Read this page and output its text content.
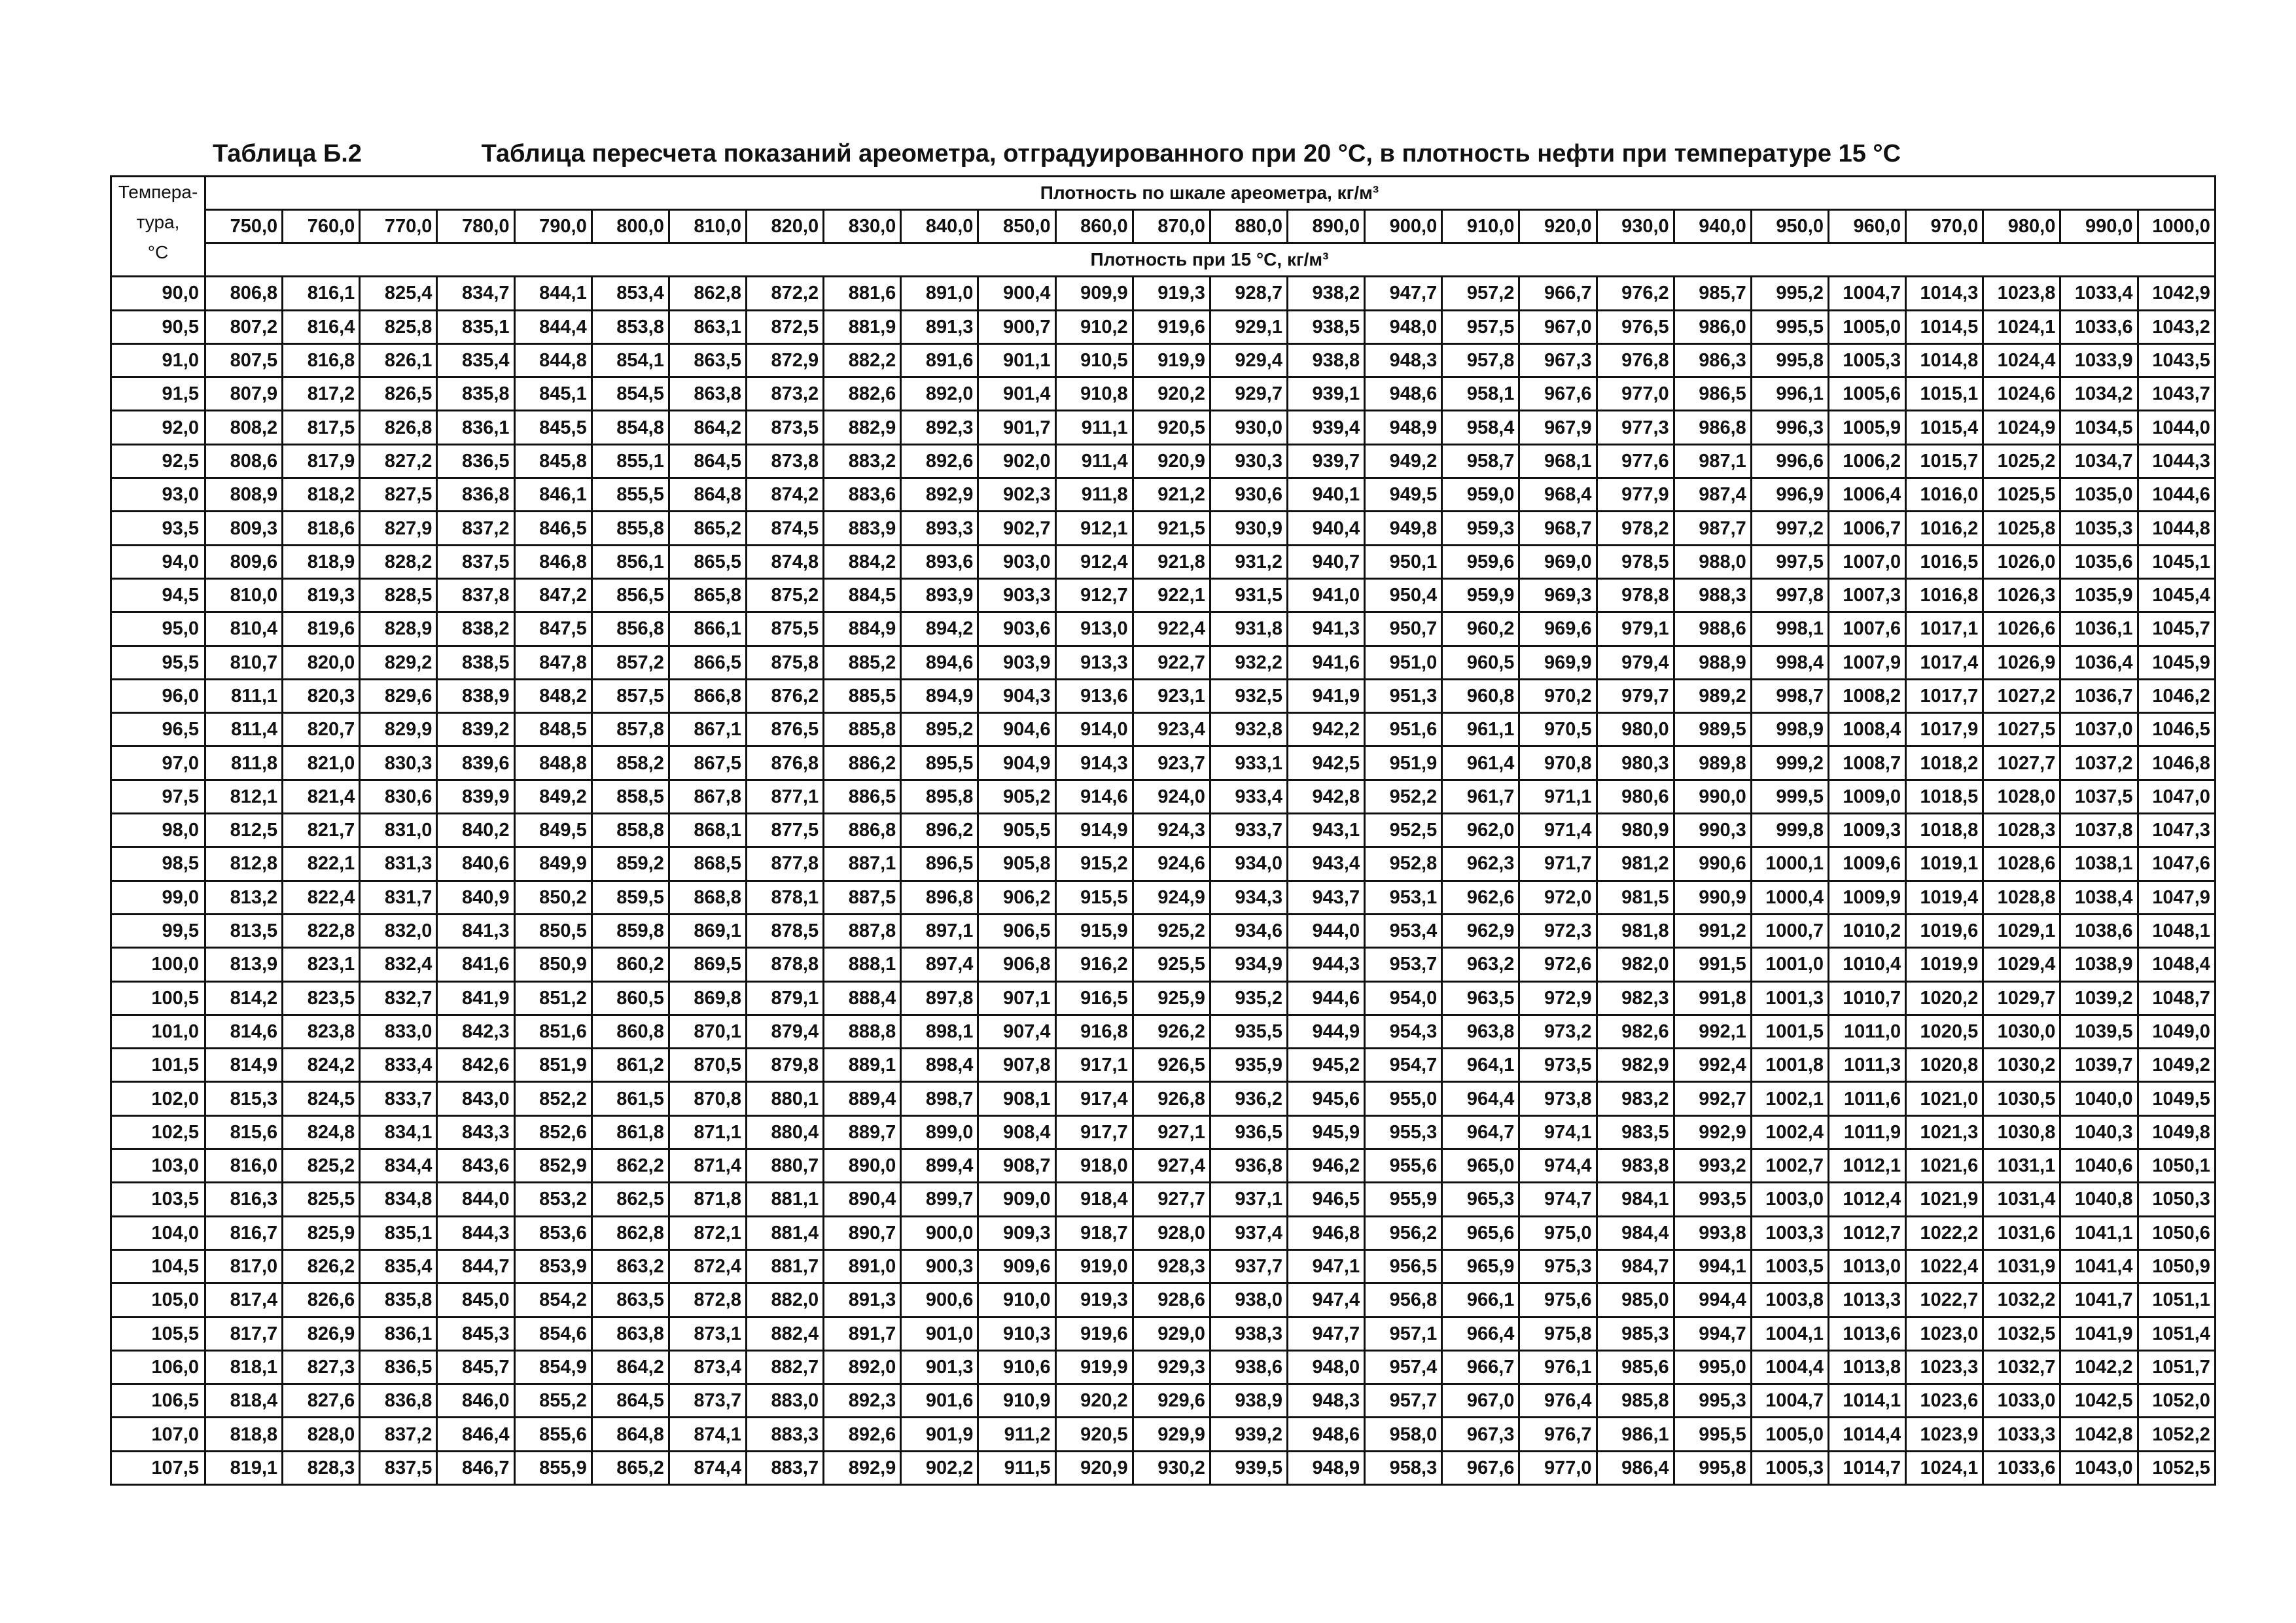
Таблица Б.2	Таблица пересчета показаний ареометра, отградуированного при 20 °С, в плотность нефти при температуре 15 °С
Темпера-
тура,
°С	Плотность по шкале ареометра, кг/м³																									
	750,0	760,0	770,0	780,0	790,0	800,0	810,0	820,0	830,0	840,0	850,0	860,0	870,0	880,0	890,0	900,0	910,0	920,0	930,0	940,0	950,0	960,0	970,0	980,0	990,0	1000,0
	Плотность при 15 °С, кг/м³																									
90,0	806,8	816,1	825,4	834,7	844,1	853,4	862,8	872,2	881,6	891,0	900,4	909,9	919,3	928,7	938,2	947,7	957,2	966,7	976,2	985,7	995,2	1004,7	1014,3	1023,8	1033,4	1042,9
90,5	807,2	816,4	825,8	835,1	844,4	853,8	863,1	872,5	881,9	891,3	900,7	910,2	919,6	929,1	938,5	948,0	957,5	967,0	976,5	986,0	995,5	1005,0	1014,5	1024,1	1033,6	1043,2
91,0	807,5	816,8	826,1	835,4	844,8	854,1	863,5	872,9	882,2	891,6	901,1	910,5	919,9	929,4	938,8	948,3	957,8	967,3	976,8	986,3	995,8	1005,3	1014,8	1024,4	1033,9	1043,5
91,5	807,9	817,2	826,5	835,8	845,1	854,5	863,8	873,2	882,6	892,0	901,4	910,8	920,2	929,7	939,1	948,6	958,1	967,6	977,0	986,5	996,1	1005,6	1015,1	1024,6	1034,2	1043,7
92,0	808,2	817,5	826,8	836,1	845,5	854,8	864,2	873,5	882,9	892,3	901,7	911,1	920,5	930,0	939,4	948,9	958,4	967,9	977,3	986,8	996,3	1005,9	1015,4	1024,9	1034,5	1044,0
92,5	808,6	817,9	827,2	836,5	845,8	855,1	864,5	873,8	883,2	892,6	902,0	911,4	920,9	930,3	939,7	949,2	958,7	968,1	977,6	987,1	996,6	1006,2	1015,7	1025,2	1034,7	1044,3
93,0	808,9	818,2	827,5	836,8	846,1	855,5	864,8	874,2	883,6	892,9	902,3	911,8	921,2	930,6	940,1	949,5	959,0	968,4	977,9	987,4	996,9	1006,4	1016,0	1025,5	1035,0	1044,6
93,5	809,3	818,6	827,9	837,2	846,5	855,8	865,2	874,5	883,9	893,3	902,7	912,1	921,5	930,9	940,4	949,8	959,3	968,7	978,2	987,7	997,2	1006,7	1016,2	1025,8	1035,3	1044,8
94,0	809,6	818,9	828,2	837,5	846,8	856,1	865,5	874,8	884,2	893,6	903,0	912,4	921,8	931,2	940,7	950,1	959,6	969,0	978,5	988,0	997,5	1007,0	1016,5	1026,0	1035,6	1045,1
94,5	810,0	819,3	828,5	837,8	847,2	856,5	865,8	875,2	884,5	893,9	903,3	912,7	922,1	931,5	941,0	950,4	959,9	969,3	978,8	988,3	997,8	1007,3	1016,8	1026,3	1035,9	1045,4
95,0	810,4	819,6	828,9	838,2	847,5	856,8	866,1	875,5	884,9	894,2	903,6	913,0	922,4	931,8	941,3	950,7	960,2	969,6	979,1	988,6	998,1	1007,6	1017,1	1026,6	1036,1	1045,7
95,5	810,7	820,0	829,2	838,5	847,8	857,2	866,5	875,8	885,2	894,6	903,9	913,3	922,7	932,2	941,6	951,0	960,5	969,9	979,4	988,9	998,4	1007,9	1017,4	1026,9	1036,4	1045,9
96,0	811,1	820,3	829,6	838,9	848,2	857,5	866,8	876,2	885,5	894,9	904,3	913,6	923,1	932,5	941,9	951,3	960,8	970,2	979,7	989,2	998,7	1008,2	1017,7	1027,2	1036,7	1046,2
96,5	811,4	820,7	829,9	839,2	848,5	857,8	867,1	876,5	885,8	895,2	904,6	914,0	923,4	932,8	942,2	951,6	961,1	970,5	980,0	989,5	998,9	1008,4	1017,9	1027,5	1037,0	1046,5
97,0	811,8	821,0	830,3	839,6	848,8	858,2	867,5	876,8	886,2	895,5	904,9	914,3	923,7	933,1	942,5	951,9	961,4	970,8	980,3	989,8	999,2	1008,7	1018,2	1027,7	1037,2	1046,8
97,5	812,1	821,4	830,6	839,9	849,2	858,5	867,8	877,1	886,5	895,8	905,2	914,6	924,0	933,4	942,8	952,2	961,7	971,1	980,6	990,0	999,5	1009,0	1018,5	1028,0	1037,5	1047,0
98,0	812,5	821,7	831,0	840,2	849,5	858,8	868,1	877,5	886,8	896,2	905,5	914,9	924,3	933,7	943,1	952,5	962,0	971,4	980,9	990,3	999,8	1009,3	1018,8	1028,3	1037,8	1047,3
98,5	812,8	822,1	831,3	840,6	849,9	859,2	868,5	877,8	887,1	896,5	905,8	915,2	924,6	934,0	943,4	952,8	962,3	971,7	981,2	990,6	1000,1	1009,6	1019,1	1028,6	1038,1	1047,6
99,0	813,2	822,4	831,7	840,9	850,2	859,5	868,8	878,1	887,5	896,8	906,2	915,5	924,9	934,3	943,7	953,1	962,6	972,0	981,5	990,9	1000,4	1009,9	1019,4	1028,8	1038,4	1047,9
99,5	813,5	822,8	832,0	841,3	850,5	859,8	869,1	878,5	887,8	897,1	906,5	915,9	925,2	934,6	944,0	953,4	962,9	972,3	981,8	991,2	1000,7	1010,2	1019,6	1029,1	1038,6	1048,1
100,0	813,9	823,1	832,4	841,6	850,9	860,2	869,5	878,8	888,1	897,4	906,8	916,2	925,5	934,9	944,3	953,7	963,2	972,6	982,0	991,5	1001,0	1010,4	1019,9	1029,4	1038,9	1048,4
100,5	814,2	823,5	832,7	841,9	851,2	860,5	869,8	879,1	888,4	897,8	907,1	916,5	925,9	935,2	944,6	954,0	963,5	972,9	982,3	991,8	1001,3	1010,7	1020,2	1029,7	1039,2	1048,7
101,0	814,6	823,8	833,0	842,3	851,6	860,8	870,1	879,4	888,8	898,1	907,4	916,8	926,2	935,5	944,9	954,3	963,8	973,2	982,6	992,1	1001,5	1011,0	1020,5	1030,0	1039,5	1049,0
101,5	814,9	824,2	833,4	842,6	851,9	861,2	870,5	879,8	889,1	898,4	907,8	917,1	926,5	935,9	945,2	954,7	964,1	973,5	982,9	992,4	1001,8	1011,3	1020,8	1030,2	1039,7	1049,2
102,0	815,3	824,5	833,7	843,0	852,2	861,5	870,8	880,1	889,4	898,7	908,1	917,4	926,8	936,2	945,6	955,0	964,4	973,8	983,2	992,7	1002,1	1011,6	1021,0	1030,5	1040,0	1049,5
102,5	815,6	824,8	834,1	843,3	852,6	861,8	871,1	880,4	889,7	899,0	908,4	917,7	927,1	936,5	945,9	955,3	964,7	974,1	983,5	992,9	1002,4	1011,9	1021,3	1030,8	1040,3	1049,8
103,0	816,0	825,2	834,4	843,6	852,9	862,2	871,4	880,7	890,0	899,4	908,7	918,0	927,4	936,8	946,2	955,6	965,0	974,4	983,8	993,2	1002,7	1012,1	1021,6	1031,1	1040,6	1050,1
103,5	816,3	825,5	834,8	844,0	853,2	862,5	871,8	881,1	890,4	899,7	909,0	918,4	927,7	937,1	946,5	955,9	965,3	974,7	984,1	993,5	1003,0	1012,4	1021,9	1031,4	1040,8	1050,3
104,0	816,7	825,9	835,1	844,3	853,6	862,8	872,1	881,4	890,7	900,0	909,3	918,7	928,0	937,4	946,8	956,2	965,6	975,0	984,4	993,8	1003,3	1012,7	1022,2	1031,6	1041,1	1050,6
104,5	817,0	826,2	835,4	844,7	853,9	863,2	872,4	881,7	891,0	900,3	909,6	919,0	928,3	937,7	947,1	956,5	965,9	975,3	984,7	994,1	1003,5	1013,0	1022,4	1031,9	1041,4	1050,9
105,0	817,4	826,6	835,8	845,0	854,2	863,5	872,8	882,0	891,3	900,6	910,0	919,3	928,6	938,0	947,4	956,8	966,1	975,6	985,0	994,4	1003,8	1013,3	1022,7	1032,2	1041,7	1051,1
105,5	817,7	826,9	836,1	845,3	854,6	863,8	873,1	882,4	891,7	901,0	910,3	919,6	929,0	938,3	947,7	957,1	966,4	975,8	985,3	994,7	1004,1	1013,6	1023,0	1032,5	1041,9	1051,4
106,0	818,1	827,3	836,5	845,7	854,9	864,2	873,4	882,7	892,0	901,3	910,6	919,9	929,3	938,6	948,0	957,4	966,7	976,1	985,6	995,0	1004,4	1013,8	1023,3	1032,7	1042,2	1051,7
106,5	818,4	827,6	836,8	846,0	855,2	864,5	873,7	883,0	892,3	901,6	910,9	920,2	929,6	938,9	948,3	957,7	967,0	976,4	985,8	995,3	1004,7	1014,1	1023,6	1033,0	1042,5	1052,0
107,0	818,8	828,0	837,2	846,4	855,6	864,8	874,1	883,3	892,6	901,9	911,2	920,5	929,9	939,2	948,6	958,0	967,3	976,7	986,1	995,5	1005,0	1014,4	1023,9	1033,3	1042,8	1052,2
107,5	819,1	828,3	837,5	846,7	855,9	865,2	874,4	883,7	892,9	902,2	911,5	920,9	930,2	939,5	948,9	958,3	967,6	977,0	986,4	995,8	1005,3	1014,7	1024,1	1033,6	1043,0	1052,5
